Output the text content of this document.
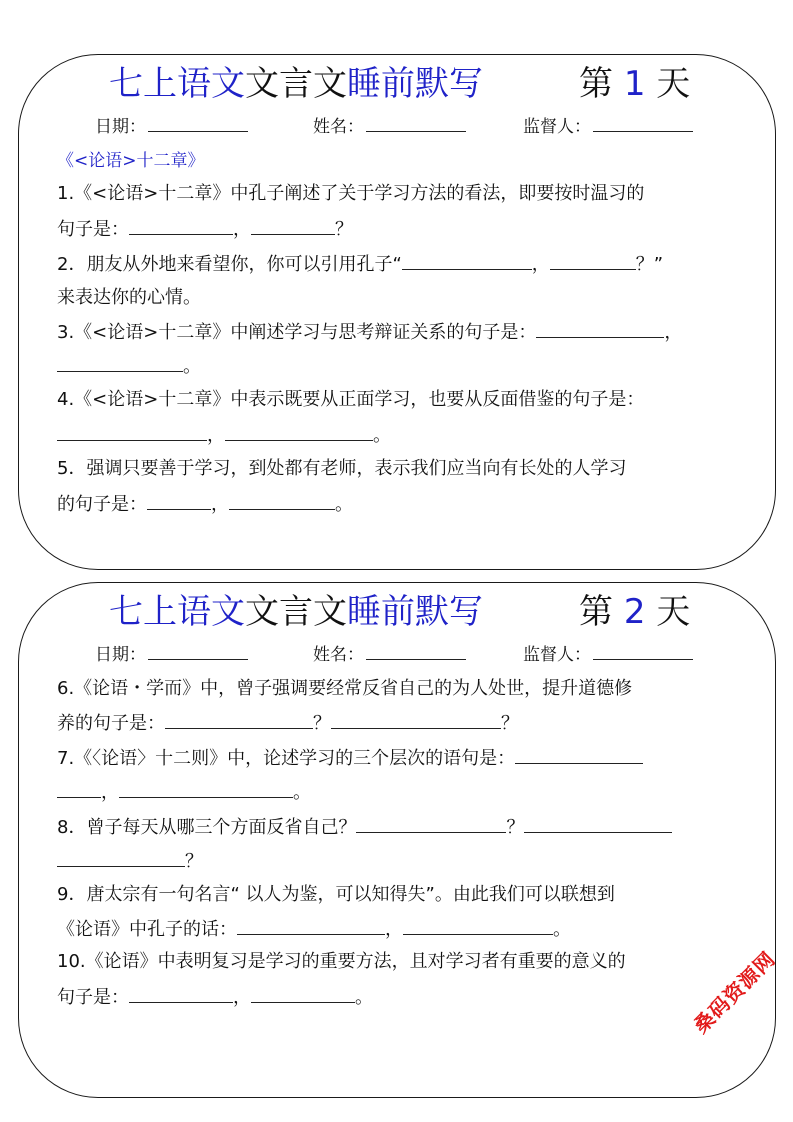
七上语文文言文睡前默写	第 1 天
日期：	姓名：	监督人：
《<论语>十二章》
1.《<论语>十二章》中孔子阐述了关于学习方法的看法，即要按时温习的
句子是：	，	？
2．朋友从外地来看望你，你可以引用孔子“	，	？”
来表达你的心情。
3.《<论语>十二章》中阐述学习与思考辩证关系的句子是：	，
。
4.《<论语>十二章》中表示既要从正面学习，也要从反面借鉴的句子是：
，	。
5．强调只要善于学习，到处都有老师，表示我们应当向有长处的人学习
的句子是：	，	。
七上语文文言文睡前默写	第 2 天
日期：	姓名：	监督人：
6.《论语・学而》中，曾子强调要经常反省自己的为人处世，提升道德修
养的句子是：	？	？
7.《〈论语〉十二则》中，论述学习的三个层次的语句是：
，	。
8．曾子每天从哪三个方面反省自己？	？
？
9．唐太宗有一句名言“ 以人为鉴，可以知得失”。由此我们可以联想到
《论语》中孔子的话：	，	。
10.《论语》中表明复习是学习的重要方法，且对学习者有重要的意义的
句子是：	，	。	桑码资源网
